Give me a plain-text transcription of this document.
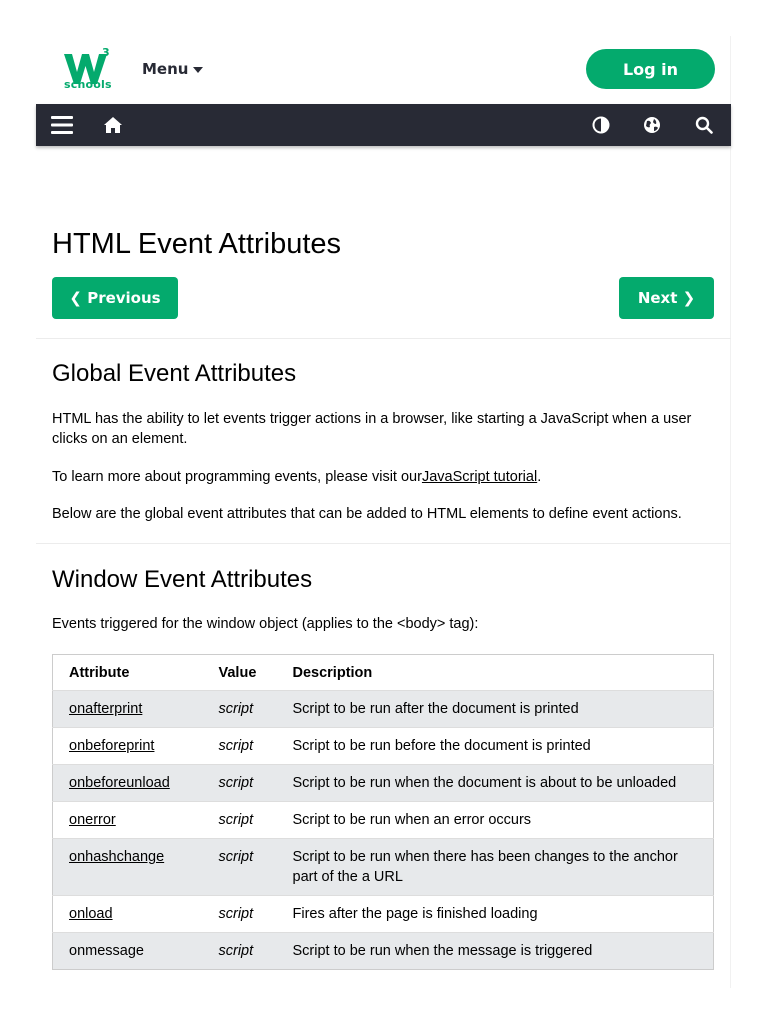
3
schools
Menu	Log in
HTML Event Attributes
❮ Previous	Next ❯
Global Event Attributes

HTML has the ability to let events trigger actions in a browser, like starting a JavaScript when a user clicks on an element.

To learn more about programming events, please visit ourJavaScript tutorial.

Below are the global event attributes that can be added to HTML elements to define event actions.

Window Event Attributes

Events triggered for the window object (applies to the <body> tag):

Attribute	Value	Description
onafterprint	script	Script to be run after the document is printed
onbeforeprint	script	Script to be run before the document is printed
onbeforeunload	script	Script to be run when the document is about to be unloaded
onerror	script	Script to be run when an error occurs
onhashchange	script	Script to be run when there has been changes to the anchor part of the a URL
onload	script	Fires after the page is finished loading
onmessage	script	Script to be run when the message is triggered
